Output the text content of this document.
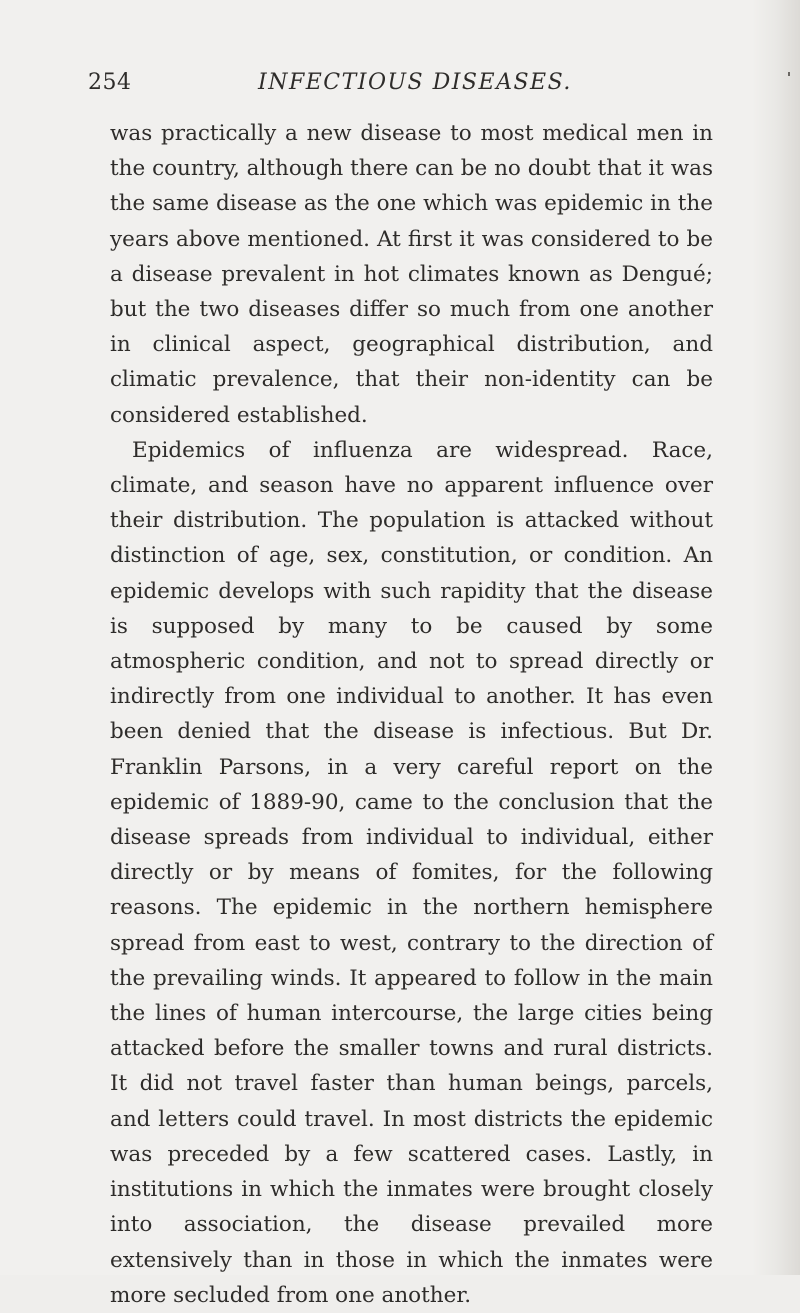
254	INFECTIOUS DISEASES.

was practically a new disease to most medical men in the country, although there can be no doubt that it was the same disease as the one which was epidemic in the years above mentioned. At first it was considered to be a disease prevalent in hot climates known as Dengué; but the two diseases differ so much from one another in clinical aspect, geographical distribution, and climatic prevalence, that their non-identity can be considered established.

Epidemics of influenza are widespread. Race, climate, and season have no apparent influence over their distribution. The population is attacked without distinction of age, sex, constitution, or condition. An epidemic develops with such rapidity that the disease is supposed by many to be caused by some atmospheric condition, and not to spread directly or indirectly from one individual to another. It has even been denied that the disease is infectious. But Dr. Franklin Parsons, in a very careful report on the epidemic of 1889-90, came to the conclusion that the disease spreads from individual to individual, either directly or by means of fomites, for the following reasons. The epidemic in the northern hemisphere spread from east to west, contrary to the direction of the prevailing winds. It appeared to follow in the main the lines of human intercourse, the large cities being attacked before the smaller towns and rural districts. It did not travel faster than human beings, parcels, and letters could travel. In most districts the epidemic was preceded by a few scattered cases. Lastly, in institutions in which the inmates were brought closely into association, the disease prevailed more extensively than in those in which the inmates were more secluded from one another.
